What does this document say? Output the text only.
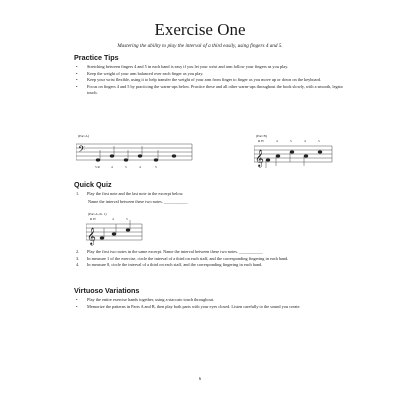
Exercise One
Mastering the ability to play the interval of a third easily, using fingers 4 and 5.
Practice Tips
• Stretching between fingers 4 and 5 in each hand is easy if you let your wrist and arm follow your fingers as you play.
• Keep the weight of your arm balanced over each finger as you play.
• Keep your wrist flexible, using it to help transfer the weight of your arm from finger to finger as you move up or down on the keyboard.
• Focus on fingers 4 and 5 by practicing the warm-ups below. Practice these and all other warm-ups throughout the book slowly, with a smooth, legato touch.
(Part A)
𝄢
5 R	4	5	4	5
(Part B)
R H	4	5	4	5
𝄞
Quick Quiz
1. Play the first note and the last note in the excerpt below.
Name the interval between these two notes. ___________
(Part A, m. 1)
R H	4	5
𝄞
2. Play the first two notes in the same excerpt. Name the interval between these two notes. ___________
3. In measure 1 of the exercise, circle the interval of a third on each staff, and the corresponding fingering in each hand.
4. In measure 8, circle the interval of a third on each staff, and the corresponding fingering in each hand.
Virtuoso Variations
• Play the entire exercise hands together, using a staccato touch throughout.
• Memorize the patterns in Parts A and B, then play both parts with your eyes closed. Listen carefully to the sound you create.
6
